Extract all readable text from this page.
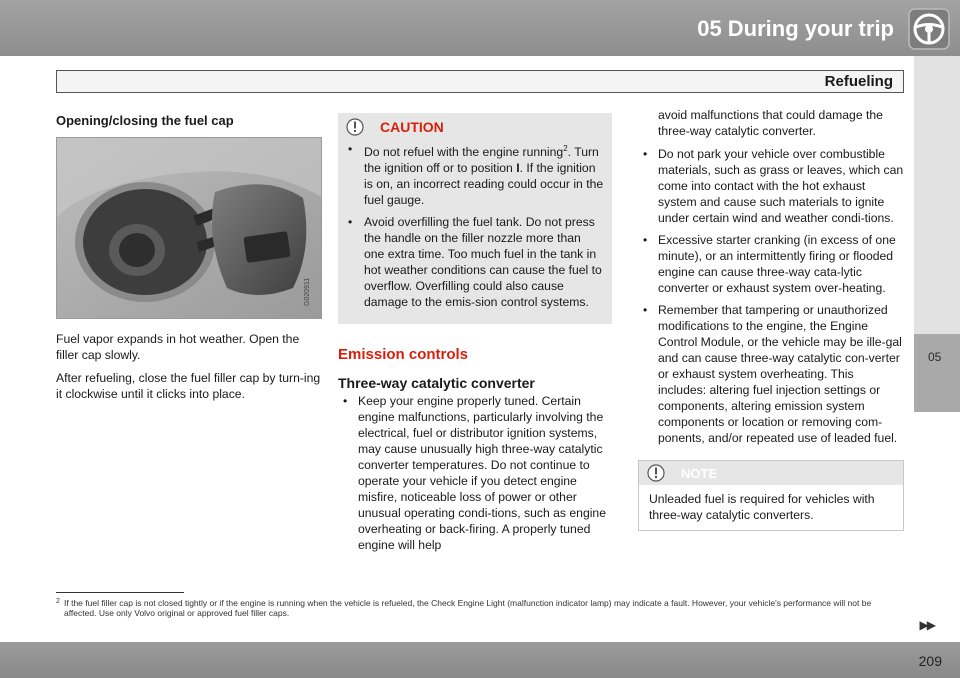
05 During your trip
Refueling
05
Opening/closing the fuel cap
G020911

Fuel vapor expands in hot weather. Open the filler cap slowly.

After refueling, close the fuel filler cap by turn-ing it clockwise until it clicks into place.

CAUTION
• Do not refuel with the engine running$^2$. Turn the ignition off or to position I. If the ignition is on, an incorrect reading could occur in the fuel gauge.
• Avoid overfilling the fuel tank. Do not press the handle on the filler nozzle more than one extra time. Too much fuel in the tank in hot weather conditions can cause the fuel to overflow. Overfilling could also cause damage to the emis-sion control systems.
Emission controls
Three-way catalytic converter
• Keep your engine properly tuned. Certain engine malfunctions, particularly involving the electrical, fuel or distributor ignition systems, may cause unusually high three-way catalytic converter temperatures. Do not continue to operate your vehicle if you detect engine misfire, noticeable loss of power or other unusual operating condi-tions, such as engine overheating or back-firing. A properly tuned engine will help

avoid malfunctions that could damage the three-way catalytic converter.

• Do not park your vehicle over combustible materials, such as grass or leaves, which can come into contact with the hot exhaust system and cause such materials to ignite under certain wind and weather condi-tions.
• Excessive starter cranking (in excess of one minute), or an intermittently firing or flooded engine can cause three-way cata-lytic converter or exhaust system over-heating.
• Remember that tampering or unauthorized modifications to the engine, the Engine Control Module, or the vehicle may be ille-gal and can cause three-way catalytic con-verter or exhaust system overheating. This includes: altering fuel injection settings or components, altering emission system components or location or removing com-ponents, and/or repeated use of leaded fuel.
NOTE

Unleaded fuel is required for vehicles with three-way catalytic converters.

2 If the fuel filler cap is not closed tightly or if the engine is running when the vehicle is refueled, the Check Engine Light (malfunction indicator lamp) may indicate a fault. However, your vehicle's performance will not be affected. Use only Volvo original or approved fuel filler caps.
▶▶
209
